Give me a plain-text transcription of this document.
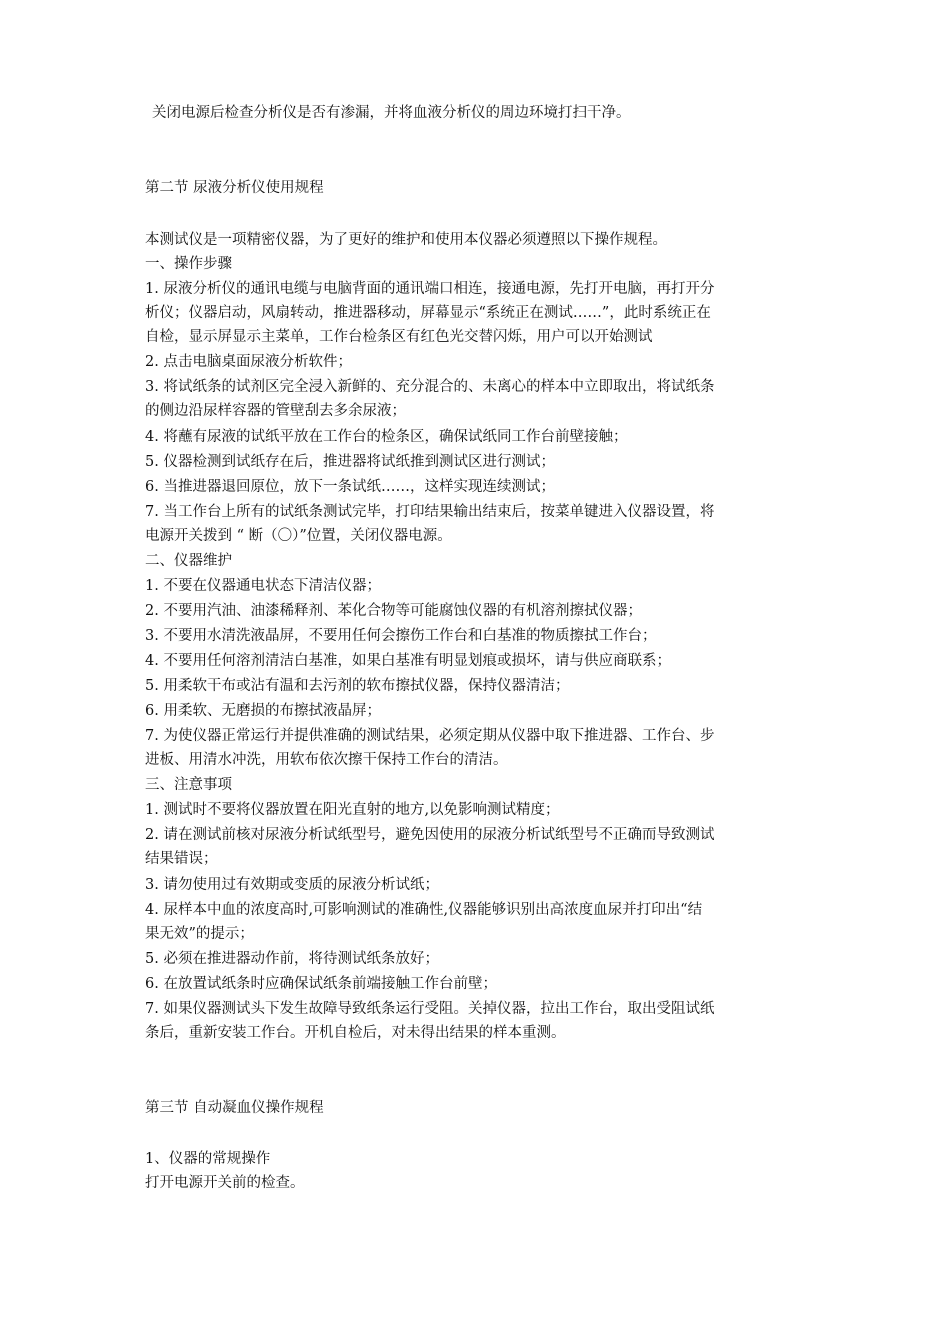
关闭电源后检查分析仪是否有渗漏，并将血液分析仪的周边环境打扫干净。
第二节 尿液分析仪使用规程
本测试仪是一项精密仪器，为了更好的维护和使用本仪器必须遵照以下操作规程。
一、操作步骤
1. 尿液分析仪的通讯电缆与电脑背面的通讯端口相连，接通电源，先打开电脑，再打开分
析仪；仪器启动，风扇转动，推进器移动，屏幕显示“系统正在测试……”，此时系统正在
自检，显示屏显示主菜单，工作台检条区有红色光交替闪烁，用户可以开始测试
2. 点击电脑桌面尿液分析软件；
3. 将试纸条的试剂区完全浸入新鲜的、充分混合的、未离心的样本中立即取出，将试纸条
的侧边沿尿样容器的管壁刮去多余尿液；
4. 将蘸有尿液的试纸平放在工作台的检条区，确保试纸同工作台前壁接触；
5. 仪器检测到试纸存在后，推进器将试纸推到测试区进行测试；
6. 当推进器退回原位，放下一条试纸……，这样实现连续测试；
7. 当工作台上所有的试纸条测试完毕，打印结果输出结束后，按菜单键进入仪器设置，将
电源开关拨到 “ 断（〇）”位置，关闭仪器电源。
二、仪器维护
1. 不要在仪器通电状态下清洁仪器；
2. 不要用汽油、油漆稀释剂、苯化合物等可能腐蚀仪器的有机溶剂擦拭仪器；
3. 不要用水清洗液晶屏，不要用任何会擦伤工作台和白基准的物质擦拭工作台；
4. 不要用任何溶剂清洁白基准，如果白基准有明显划痕或损坏，请与供应商联系；
5. 用柔软干布或沾有温和去污剂的软布擦拭仪器，保持仪器清洁；
6. 用柔软、无磨损的布擦拭液晶屏；
7. 为使仪器正常运行并提供准确的测试结果，必须定期从仪器中取下推进器、工作台、步
进板、用清水冲洗，用软布依次擦干保持工作台的清洁。
三、注意事项
1. 测试时不要将仪器放置在阳光直射的地方,以免影响测试精度；
2. 请在测试前核对尿液分析试纸型号，避免因使用的尿液分析试纸型号不正确而导致测试
结果错误；
3. 请勿使用过有效期或变质的尿液分析试纸；
4. 尿样本中血的浓度高时,可影响测试的准确性,仪器能够识别出高浓度血尿并打印出“结
果无效”的提示；
5. 必须在推进器动作前，将待测试纸条放好；
6. 在放置试纸条时应确保试纸条前端接触工作台前壁；
7. 如果仪器测试头下发生故障导致纸条运行受阻。关掉仪器，拉出工作台，取出受阻试纸
条后，重新安装工作台。开机自检后，对未得出结果的样本重测。
第三节 自动凝血仪操作规程
1、仪器的常规操作
打开电源开关前的检查。
